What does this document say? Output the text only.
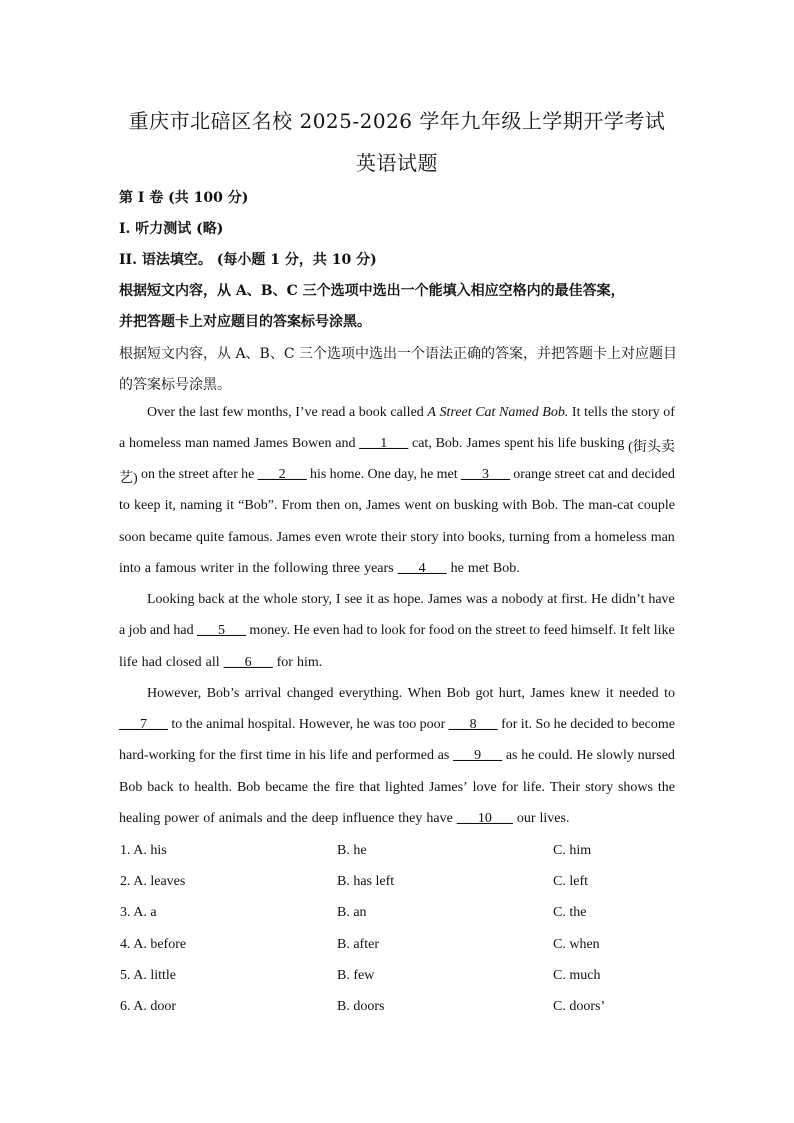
重庆市北碚区名校 2025-2026 学年九年级上学期开学考试
英语试题
第 I 卷 (共 100 分)
I. 听力测试 (略)
II. 语法填空。 (每小题 1 分，共 10 分)
根据短文内容，从 A、B、C 三个选项中选出一个能填入相应空格内的最佳答案，
并把答题卡上对应题目的答案标号涂黑。
根据短文内容，从 A、B、C 三个选项中选出一个语法正确的答案，并把答题卡上对应题目
的答案标号涂黑。
Over the last few months, I’ve read a book called A Street Cat Named Bob. It tells the story of
a homeless man named James Bowen and ___1___ cat, Bob. James spent his life busking (街头卖
艺) on the street after he ___2___ his home. One day, he met ___3___ orange street cat and decided
to keep it, naming it “Bob”. From then on, James went on busking with Bob. The man-cat couple
soon became quite famous. James even wrote their story into books, turning from a homeless man
into a famous writer in the following three years ___4___ he met Bob.
Looking back at the whole story, I see it as hope. James was a nobody at first. He didn’t have
a job and had ___5___ money. He even had to look for food on the street to feed himself. It felt like
life had closed all ___6___ for him.
However, Bob’s arrival changed everything. When Bob got hurt, James knew it needed to
___7___ to the animal hospital. However, he was too poor ___8___ for it. So he decided to become
hard-working for the first time in his life and performed as ___9___ as he could. He slowly nursed
Bob back to health. Bob became the fire that lighted James’ love for life. Their story shows the
healing power of animals and the deep influence they have ___10___ our lives.
1. A. his	B. he	C. him
2. A. leaves	B. has left	C. left
3. A. a	B. an	C. the
4. A. before	B. after	C. when
5. A. little	B. few	C. much
6. A. door	B. doors	C. doors’
